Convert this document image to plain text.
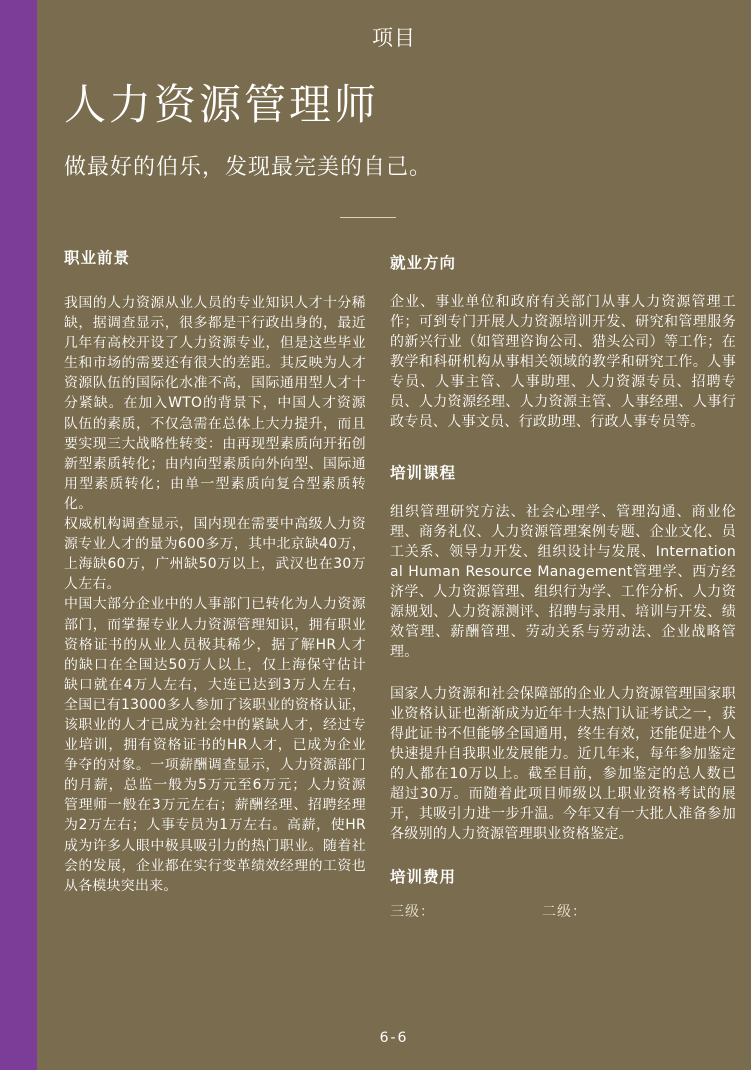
项目
人力资源管理师
做最好的伯乐，发现最完美的自己。
职业前景

我国的人力资源从业人员的专业知识人才十分稀缺，据调查显示，很多都是干行政出身的，最近几年有高校开设了人力资源专业，但是这些毕业生和市场的需要还有很大的差距。其反映为人才资源队伍的国际化水准不高，国际通用型人才十分紧缺。在加入WTO的背景下，中国人才资源队伍的素质，不仅急需在总体上大力提升，而且要实现三大战略性转变：由再现型素质向开拓创新型素质转化；由内向型素质向外向型、国际通用型素质转化；由单一型素质向复合型素质转化。

权威机构调查显示，国内现在需要中高级人力资源专业人才的量为600多万，其中北京缺40万，上海缺60万，广州缺50万以上，武汉也在30万人左右。

中国大部分企业中的人事部门已转化为人力资源部门，而掌握专业人力资源管理知识，拥有职业资格证书的从业人员极其稀少，据了解HR人才的缺口在全国达50万人以上，仅上海保守估计缺口就在4万人左右，大连已达到3万人左右，全国已有13000多人参加了该职业的资格认证，该职业的人才已成为社会中的紧缺人才，经过专业培训，拥有资格证书的HR人才，已成为企业争夺的对象。一项薪酬调查显示，人力资源部门的月薪，总监一般为5万元至6万元；人力资源管理师一般在3万元左右；薪酬经理、招聘经理为2万左右；人事专员为1万左右。高薪，使HR成为许多人眼中极具吸引力的热门职业。随着社会的发展，企业都在实行变革绩效经理的工资也从各模块突出来。

就业方向

企业、事业单位和政府有关部门从事人力资源管理工作；可到专门开展人力资源培训开发、研究和管理服务的新兴行业（如管理咨询公司、猎头公司）等工作；在教学和科研机构从事相关领域的教学和研究工作。人事专员、人事主管、人事助理、人力资源专员、招聘专员、人力资源经理、人力资源主管、人事经理、人事行政专员、人事文员、行政助理、行政人事专员等。

培训课程

组织管理研究方法、社会心理学、管理沟通、商业伦理、商务礼仪、人力资源管理案例专题、企业文化、员工关系、领导力开发、组织设计与发展、International Human Resource Management管理学、西方经济学、人力资源管理、组织行为学、工作分析、人力资源规划、人力资源测评、招聘与录用、培训与开发、绩效管理、薪酬管理、劳动关系与劳动法、企业战略管理。

国家人力资源和社会保障部的企业人力资源管理国家职业资格认证也渐渐成为近年十大热门认证考试之一，获得此证书不但能够全国通用，终生有效，还能促进个人快速提升自我职业发展能力。近几年来，每年参加鉴定的人都在10万以上。截至目前，参加鉴定的总人数已超过30万。而随着此项目师级以上职业资格考试的展开，其吸引力进一步升温。今年又有一大批人准备参加各级别的人力资源管理职业资格鉴定。

培训费用
三级：	二级：
6-6
